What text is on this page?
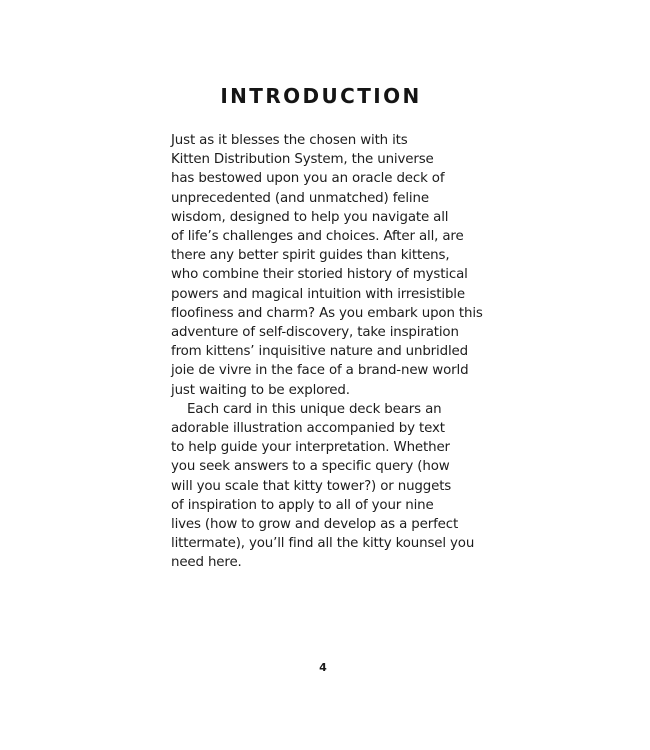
INTRODUCTION
Just as it blesses the chosen with its
Kitten Distribution System, the universe
has bestowed upon you an oracle deck of
unprecedented (and unmatched) feline
wisdom, designed to help you navigate all
of life’s challenges and choices. After all, are
there any better spirit guides than kittens,
who combine their storied history of mystical
powers and magical intuition with irresistible
floofiness and charm? As you embark upon this
adventure of self-discovery, take inspiration
from kittens’ inquisitive nature and unbridled
joie de vivre in the face of a brand-new world
just waiting to be explored.
Each card in this unique deck bears an
adorable illustration accompanied by text
to help guide your interpretation. Whether
you seek answers to a specific query (how
will you scale that kitty tower?) or nuggets
of inspiration to apply to all of your nine
lives (how to grow and develop as a perfect
littermate), you’ll find all the kitty kounsel you
need here.
4
